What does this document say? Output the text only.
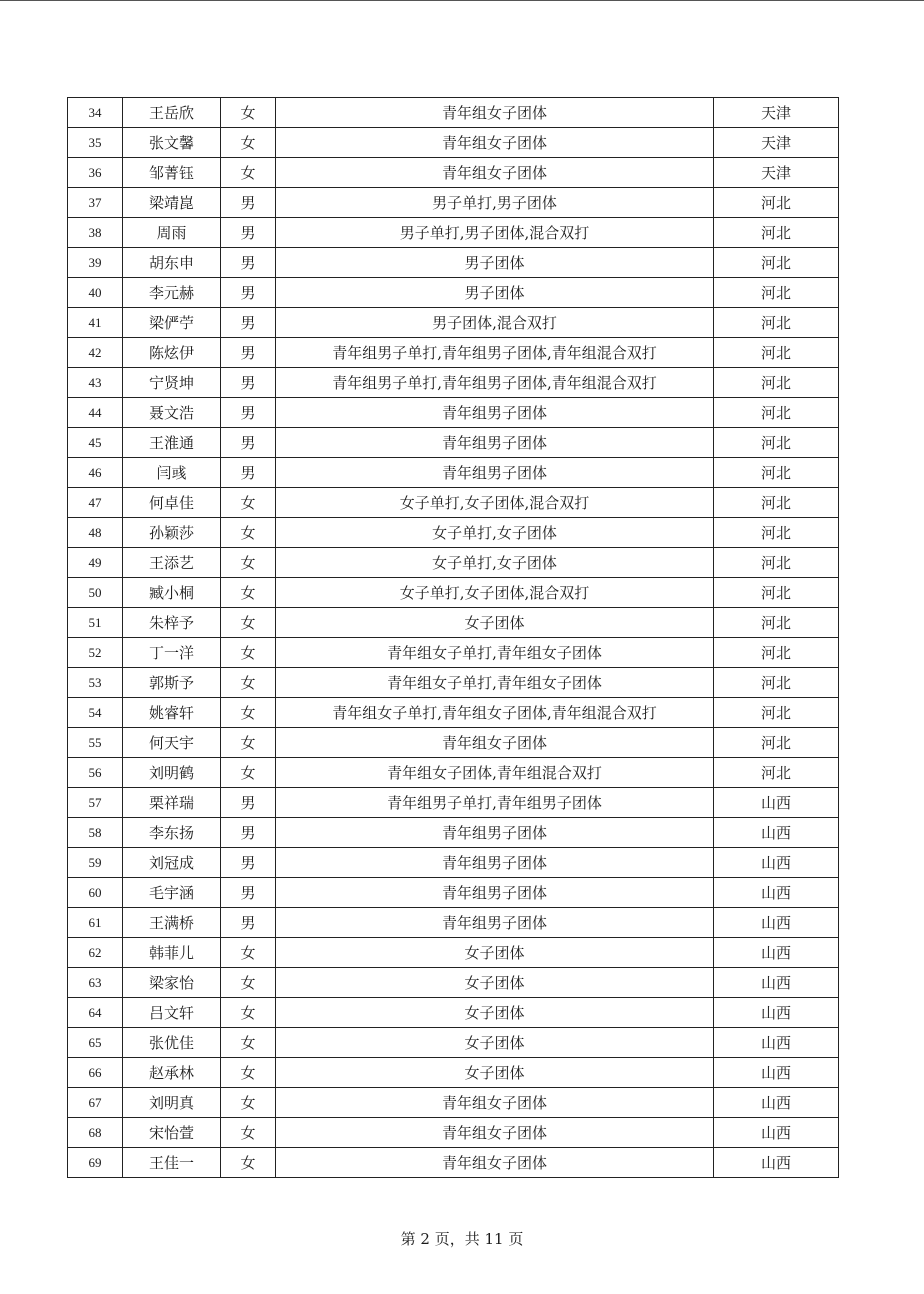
34	王岳欣	女	青年组女子团体	天津
35	张文馨	女	青年组女子团体	天津
36	邹菁钰	女	青年组女子团体	天津
37	梁靖崑	男	男子单打,男子团体	河北
38	周雨	男	男子单打,男子团体,混合双打	河北
39	胡东申	男	男子团体	河北
40	李元赫	男	男子团体	河北
41	梁俨苧	男	男子团体,混合双打	河北
42	陈炫伊	男	青年组男子单打,青年组男子团体,青年组混合双打	河北
43	宁贤坤	男	青年组男子单打,青年组男子团体,青年组混合双打	河北
44	聂文浩	男	青年组男子团体	河北
45	王淮通	男	青年组男子团体	河北
46	闫彧	男	青年组男子团体	河北
47	何卓佳	女	女子单打,女子团体,混合双打	河北
48	孙颖莎	女	女子单打,女子团体	河北
49	王添艺	女	女子单打,女子团体	河北
50	臧小桐	女	女子单打,女子团体,混合双打	河北
51	朱梓予	女	女子团体	河北
52	丁一洋	女	青年组女子单打,青年组女子团体	河北
53	郭斯予	女	青年组女子单打,青年组女子团体	河北
54	姚睿轩	女	青年组女子单打,青年组女子团体,青年组混合双打	河北
55	何天宇	女	青年组女子团体	河北
56	刘明鹤	女	青年组女子团体,青年组混合双打	河北
57	栗祥瑞	男	青年组男子单打,青年组男子团体	山西
58	李东扬	男	青年组男子团体	山西
59	刘冠成	男	青年组男子团体	山西
60	毛宇涵	男	青年组男子团体	山西
61	王满桥	男	青年组男子团体	山西
62	韩菲儿	女	女子团体	山西
63	梁家怡	女	女子团体	山西
64	吕文轩	女	女子团体	山西
65	张优佳	女	女子团体	山西
66	赵承林	女	女子团体	山西
67	刘明真	女	青年组女子团体	山西
68	宋怡萱	女	青年组女子团体	山西
69	王佳一	女	青年组女子团体	山西
第 2 页，共 11 页
